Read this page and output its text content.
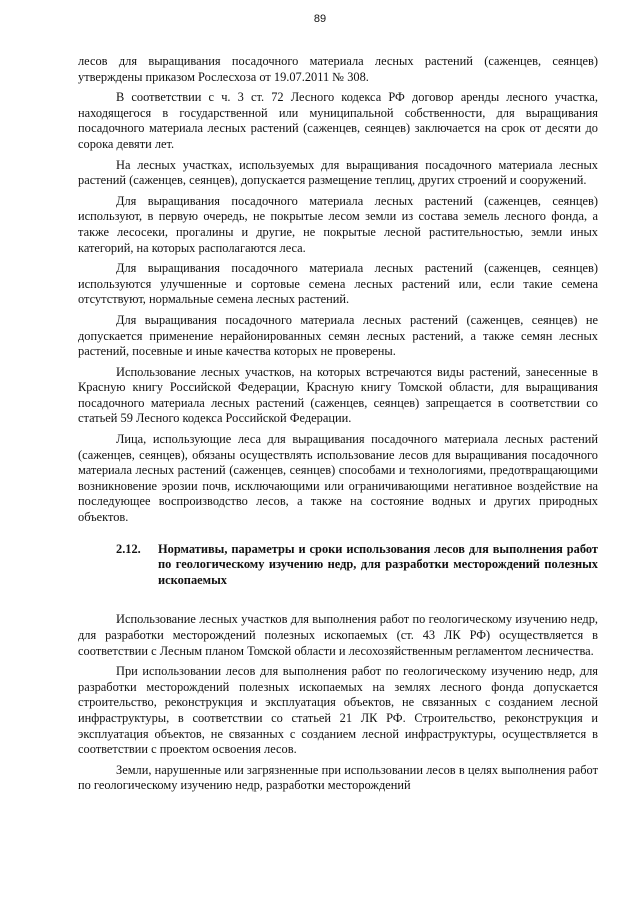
89

лесов для выращивания посадочного материала лесных растений (саженцев, сеянцев) утверждены приказом Рослесхоза от 19.07.2011 № 308.

В соответствии с ч. 3 ст. 72 Лесного кодекса РФ договор аренды лесного участка, находящегося в государственной или муниципальной собственности, для выращивания посадочного материала лесных растений (саженцев, сеянцев) заключается на срок от десяти до сорока девяти лет.

На лесных участках, используемых для выращивания посадочного материала лесных растений (саженцев, сеянцев), допускается размещение теплиц, других строений и сооружений.

Для выращивания посадочного материала лесных растений (саженцев, сеянцев) используют, в первую очередь, не покрытые лесом земли из состава земель лесного фонда, а также лесосеки, прогалины и другие, не покрытые лесной растительностью, земли иных категорий, на которых располагаются леса.

Для выращивания посадочного материала лесных растений (саженцев, сеянцев) используются улучшенные и сортовые семена лесных растений или, если такие семена отсутствуют, нормальные семена лесных растений.

Для выращивания посадочного материала лесных растений (саженцев, сеянцев) не допускается применение нерайонированных семян лесных растений, а также семян лесных растений, посевные и иные качества которых не проверены.

Использование лесных участков, на которых встречаются виды растений, занесенные в Красную книгу Российской Федерации, Красную книгу Томской области, для выращивания посадочного материала лесных растений (саженцев, сеянцев) запрещается в соответствии со статьей 59 Лесного кодекса Российской Федерации.

Лица, использующие леса для выращивания посадочного материала лесных растений (саженцев, сеянцев), обязаны осуществлять использование лесов для выращивания посадочного материала лесных растений (саженцев, сеянцев) способами и технологиями, предотвращающими возникновение эрозии почв, исключающими или ограничивающими негативное воздействие на последующее воспроизводство лесов, а также на состояние водных и других природных объектов.

2.12.	Нормативы, параметры и сроки использования лесов для выполнения работ по геологическому изучению недр, для разработки месторождений полезных ископаемых

Использование лесных участков для выполнения работ по геологическому изучению недр, для разработки месторождений полезных ископаемых (ст. 43 ЛК РФ) осуществляется в соответствии с Лесным планом Томской области и лесохозяйственным регламентом лесничества.

При использовании лесов для выполнения работ по геологическому изучению недр, для разработки месторождений полезных ископаемых на землях лесного фонда допускается строительство, реконструкция и эксплуатация объектов, не связанных с созданием лесной инфраструктуры, в соответствии со статьей 21 ЛК РФ. Строительство, реконструкция и эксплуатация объектов, не связанных с созданием лесной инфраструктуры, осуществляется в соответствии с проектом освоения лесов.

Земли, нарушенные или загрязненные при использовании лесов в целях выполнения работ по геологическому изучению недр, разработки месторождений
